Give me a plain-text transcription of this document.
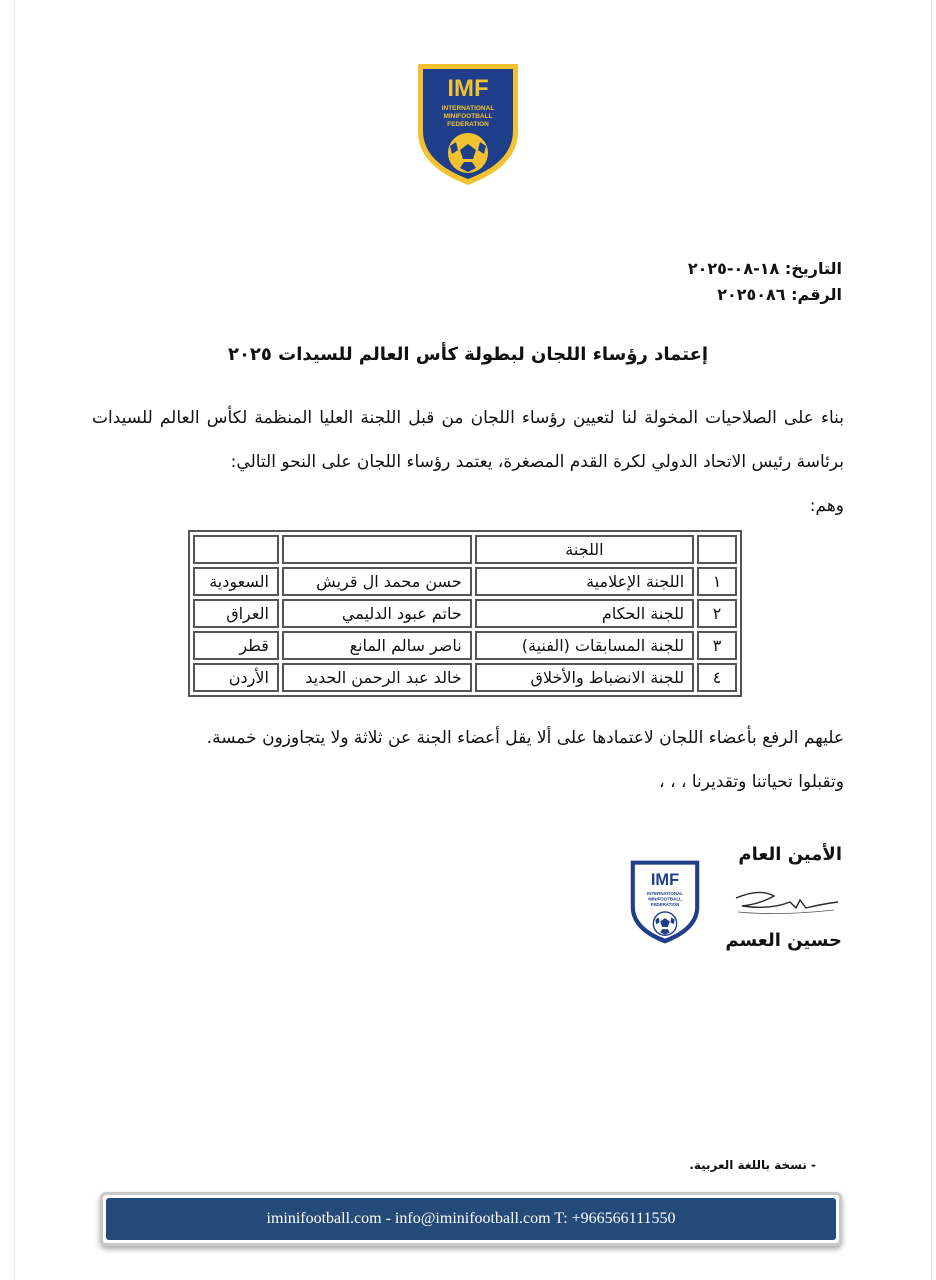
IMF
INTERNATIONAL
MINIFOOTBALL
FEDERATION
التاريخ: ١٨-٠٨-٢٠٢٥
الرقم: ٢٠٢٥٠٨٦
إعتماد رؤساء اللجان لبطولة كأس العالم للسيدات ٢٠٢٥

بناء على الصلاحيات المخولة لنا لتعيين رؤساء اللجان من قبل اللجنة العليا المنظمة لكأس العالم للسيدات برئاسة رئيس الاتحاد الدولي لكرة القدم المصغرة، يعتمد رؤساء اللجان على النحو التالي:

وهم:

	اللجنة		
١	اللجنة الإعلامية	حسن محمد ال قريش	السعودية
٢	للجنة الحكام	حاتم عبود الدليمي	العراق
٣	للجنة المسابقات (الفنية)	ناصر سالم المانع	قطر
٤	للجنة الانضباط والأخلاق	خالد عبد الرحمن الحديد	الأردن

عليهم الرفع بأعضاء اللجان لاعتمادها على ألا يقل أعضاء الجنة عن ثلاثة ولا يتجاوزون خمسة.

وتقبلوا تحياتنا وتقديرنا ، ، ،

IMF
INTERNATIONAL
MINIFOOTBALL
FEDERATION
الأمين العام
حسين العسم
- نسخة باللغة العربية.
iminifootball.com - info@iminifootball.com T: +966566111550
